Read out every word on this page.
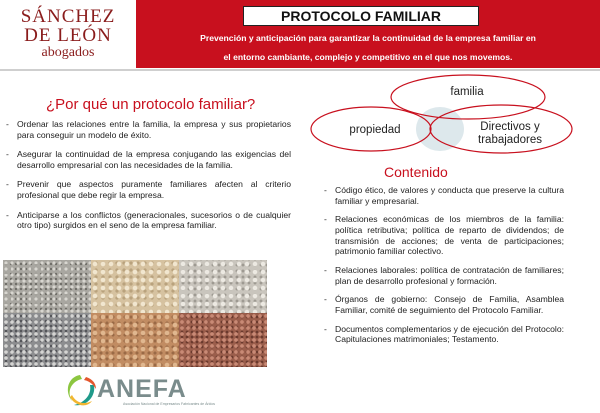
SÁNCHEZ
DE LEÓN
abogados
PROTOCOLO FAMILIAR
Prevención y anticipación para garantizar la continuidad de la empresa familiar en
el entorno cambiante, complejo y competitivo en el que nos movemos.
¿Por qué un protocolo familiar?
- Ordenar las relaciones entre la familia, la empresa y sus propietarios para conseguir un modelo de éxito.
- Asegurar la continuidad de la empresa conjugando las exigencias del desarrollo empresarial con las necesidades de la familia.
- Prevenir que aspectos puramente familiares afecten al criterio profesional que debe regir la empresa.
- Anticiparse a los conflictos (generacionales, sucesorios o de cualquier otro tipo) surgidos en el seno de la empresa familiar.
ANEFA
Asociación Nacional de Empresarios Fabricantes de Áridos
familia
propiedad	Directivos y
trabajadores
Contenido
- Código ético, de valores y conducta que preserve la cultura familiar y empresarial.
- Relaciones económicas de los miembros de la familia: política retributiva; política de reparto de dividendos; de transmisión de acciones; de venta de participaciones; patrimonio familiar colectivo.
- Relaciones laborales: política de contratación de familiares; plan de desarrollo profesional y formación.
- Órganos de gobierno: Consejo de Familia, Asamblea Familiar, comité de seguimiento del Protocolo Familiar.
- Documentos complementarios y de ejecución del Protocolo: Capitulaciones matrimoniales; Testamento.
